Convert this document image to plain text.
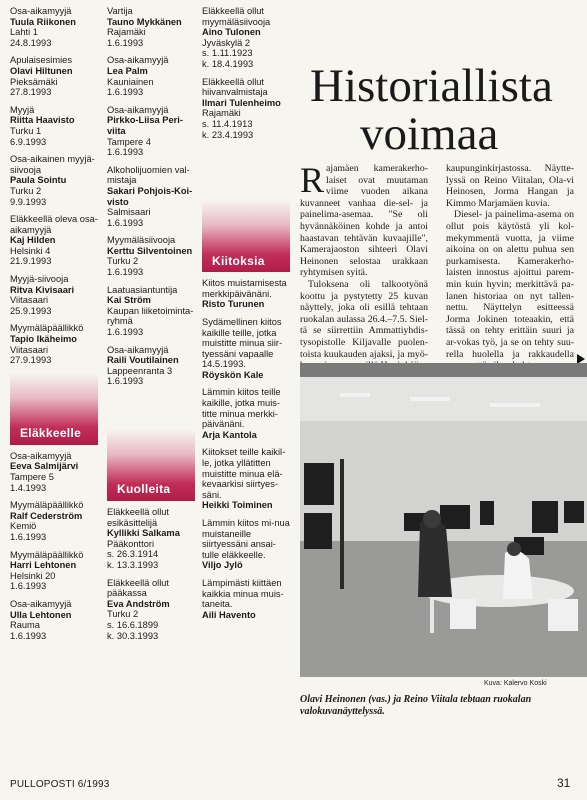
Osa-aikamyyjä
Tuula Riikonen
Lahti 1
24.8.1993
Apulaisesimies
Olavi Hiltunen
Pieksämäki
27.8.1993
Myyjä
Riitta Haavisto
Turku 1
6.9.1993
Osa-aikainen myyjä-siivooja
Paula Sointu
Turku 2
9.9.1993
Eläkkeellä oleva osa-aikamyyjä
Kaj Hilden
Helsinki 4
21.9.1993
Myyjä-siivooja
Ritva Kivisaari
Viitasaari
25.9.1993
Myymäläpäällikkö
Tapio Ikäheimo
Viitasaari
27.9.1993
Eläkkeelle
Osa-aikamyyjä
Eeva Salmijärvi
Tampere 5
1.4.1993
Myymäläpäällikkö
Ralf Cederström
Kemiö
1.6.1993
Myymäläpäällikkö
Harri Lehtonen
Helsinki 20
1.6.1993
Osa-aikamyyjä
Ulla Lehtonen
Rauma
1.6.1993
Vartija
Tauno Mykkänen
Rajamäki
1.6.1993
Osa-aikamyyjä
Lea Palm
Kauniainen
1.6.1993
Osa-aikamyyjä
Pirkko-Liisa Peri-viita
Tampere 4
1.6.1993
Alkoholijuomien val-mistaja
Sakari Pohjois-Koi-visto
Salmisaari
1.6.1993
Myymäläsiivooja
Kerttu Silventoinen
Turku 2
1.6.1993
Laatuasiantuntija
Kai Ström
Kaupan liiketoiminta-ryhmä
1.6.1993
Osa-aikamyyjä
Raili Voutilainen
Lappeenranta 3
1.6.1993
Kuolleita
Eläkkeellä ollut esikäsittelijä
Kyllikki Salkama
Pääkonttori
s. 26.3.1914
k. 13.3.1993
Eläkkeellä ollut pääkassa
Eva Andström
Turku 2
s. 16.6.1899
k. 30.3.1993
Eläkkeellä ollut myymäläsiivooja
Aino Tulonen
Jyväskylä 2
s. 1.11.1923
k. 18.4.1993
Eläkkeellä ollut hiivanvalmistaja
Ilmari Tulenheimo
Rajamäki
s. 11.4.1913
k. 23.4.1993
Kiitoksia
Kiitos muistamisesta merkkipäivänäni.
Risto Turunen
Sydämellinen kiitos kaikille teille, jotka muistitte minua siir-tyessäni vapaalle 14.5.1993.
Röyskön Kale
Lämmin kiitos teille kaikille, jotka muis-titte minua merkki-päivänäni.
Arja Kantola
Kiitokset teille kaikil-le, jotka yllätitten muistitte minua elä-kevaarkisi siirtyes-säni.
Heikki Toiminen
Lämmin kiitos mi-nua muistaneille siirtyessäni ansai-tulle eläkkeelle.
Viljo Jylö
Lämpimästi kiittäen kaikkia minua muis-taneita.
Aili Havento
Historiallista
voimaa

Rajamäen kamerakerho-laiset ovat muutaman viime vuoden aikana kuvanneet vanhaa die-sel- ja painelima-asemaa. "Se oli hyvännäköinen kohde ja antoi haastavan tehtävän kuvaajille", Kamerajaoston sihteeri Olavi Heinonen selostaa urakkaan ryhtymisen syitä.

Tuloksena oli talkootyönä koottu ja pystytetty 25 kuvan näyttely, joka oli esillä tehtaan ruokalan aulassa 26.4.–7.5. Siel-tä se siirrettiin Ammattiyhdis-tysopistolle Kiljavalle puolen-toista kuukauden ajaksi, ja myö-

kaupunginkirjastossa. Näytte-lyssä on Reino Viitalan, Ola-vi Heinosen, Jorma Hangan ja Kimmo Marjamäen kuvia.

Diesel- ja painelima-asema on ollut pois käytöstä yli kol-mekymmentä vuotta, ja viime aikoina on on alettu puhua sen purkamisesta. Kamerakerho-laisten innostus ajoittui parem-min kuin hyvin; merkittävä pa-lanen historiaa on nyt tallen-nettu. Näyttelyn esitteessä Jorma Jokinen toteaakin, että tässä on tehty erittäin suuri ja ar-vokas työ, ja se on tehty suu-rella huolella ja rakkaudella

Kuva: Kalervo Koski
Olavi Heinonen (vas.) ja Reino Viitala tebtaan ruokalan valokuvanäyttelyssä.
PULLOPOSTI 6/1993	31
